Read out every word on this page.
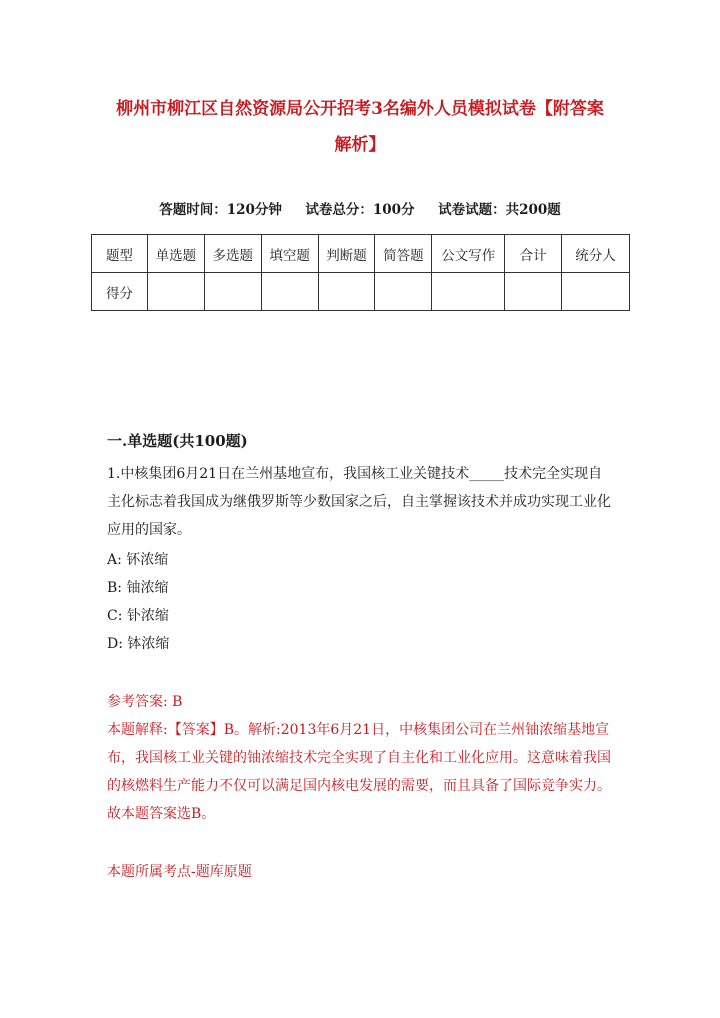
柳州市柳江区自然资源局公开招考3名编外人员模拟试卷【附答案
解析】
答题时间：120分钟     试卷总分：100分     试卷试题：共200题
题型	单选题	多选题	填空题	判断题	简答题	公文写作	合计	统分人
得分								
一.单选题(共100题)
1.中核集团6月21日在兰州基地宣布，我国核工业关键技术_____技术完全实现自主化标志着我国成为继俄罗斯等少数国家之后，自主掌握该技术并成功实现工业化应用的国家。
A: 钚浓缩
B: 铀浓缩
C: 钋浓缩
D: 钵浓缩
参考答案: B
本题解释:【答案】B。解析:2013年6月21日，中核集团公司在兰州铀浓缩基地宣布，我国核工业关键的铀浓缩技术完全实现了自主化和工业化应用。这意味着我国的核燃料生产能力不仅可以满足国内核电发展的需要，而且具备了国际竞争实力。故本题答案选B。
本题所属考点-题库原题
